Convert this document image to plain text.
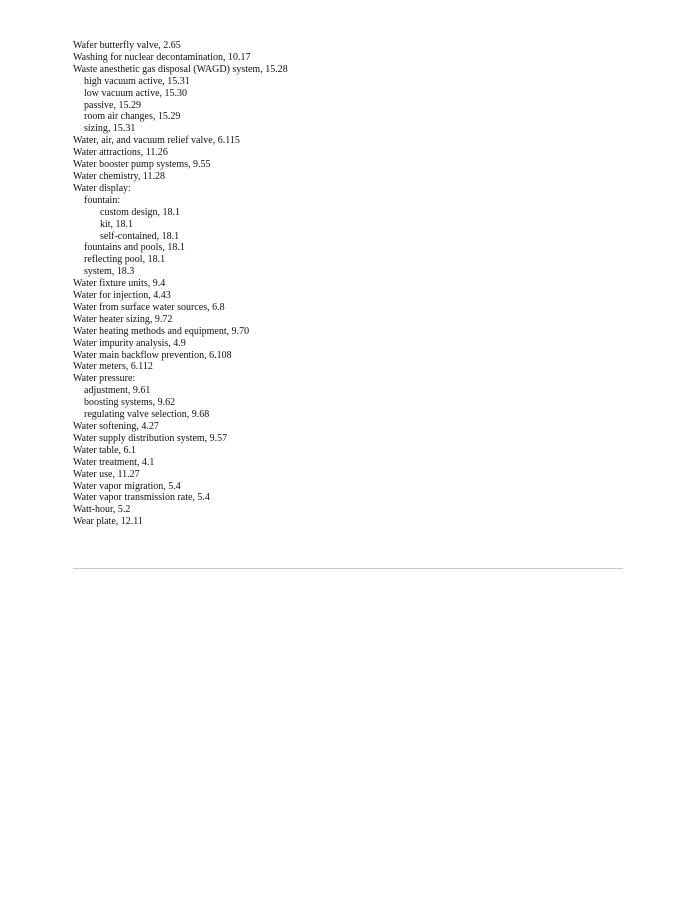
Wafer butterfly valve, 2.65
Washing for nuclear decontamination, 10.17
Waste anesthetic gas disposal (WAGD) system, 15.28
high vacuum active, 15.31
low vacuum active, 15.30
passive, 15.29
room air changes, 15.29
sizing, 15.31
Water, air, and vacuum relief valve, 6.115
Water attractions, 11.26
Water booster pump systems, 9.55
Water chemistry, 11.28
Water display:
fountain:
custom design, 18.1
kit, 18.1
self-contained, 18.1
fountains and pools, 18.1
reflecting pool, 18.1
system, 18.3
Water fixture units, 9.4
Water for injection, 4.43
Water from surface water sources, 6.8
Water heater sizing, 9.72
Water heating methods and equipment, 9.70
Water impurity analysis, 4.9
Water main backflow prevention, 6.108
Water meters, 6.112
Water pressure:
adjustment, 9.61
boosting systems, 9.62
regulating valve selection, 9.68
Water softening, 4.27
Water supply distribution system, 9.57
Water table, 6.1
Water treatment, 4.1
Water use, 11.27
Water vapor migration, 5.4
Water vapor transmission rate, 5.4
Watt-hour, 5.2
Wear plate, 12.11
